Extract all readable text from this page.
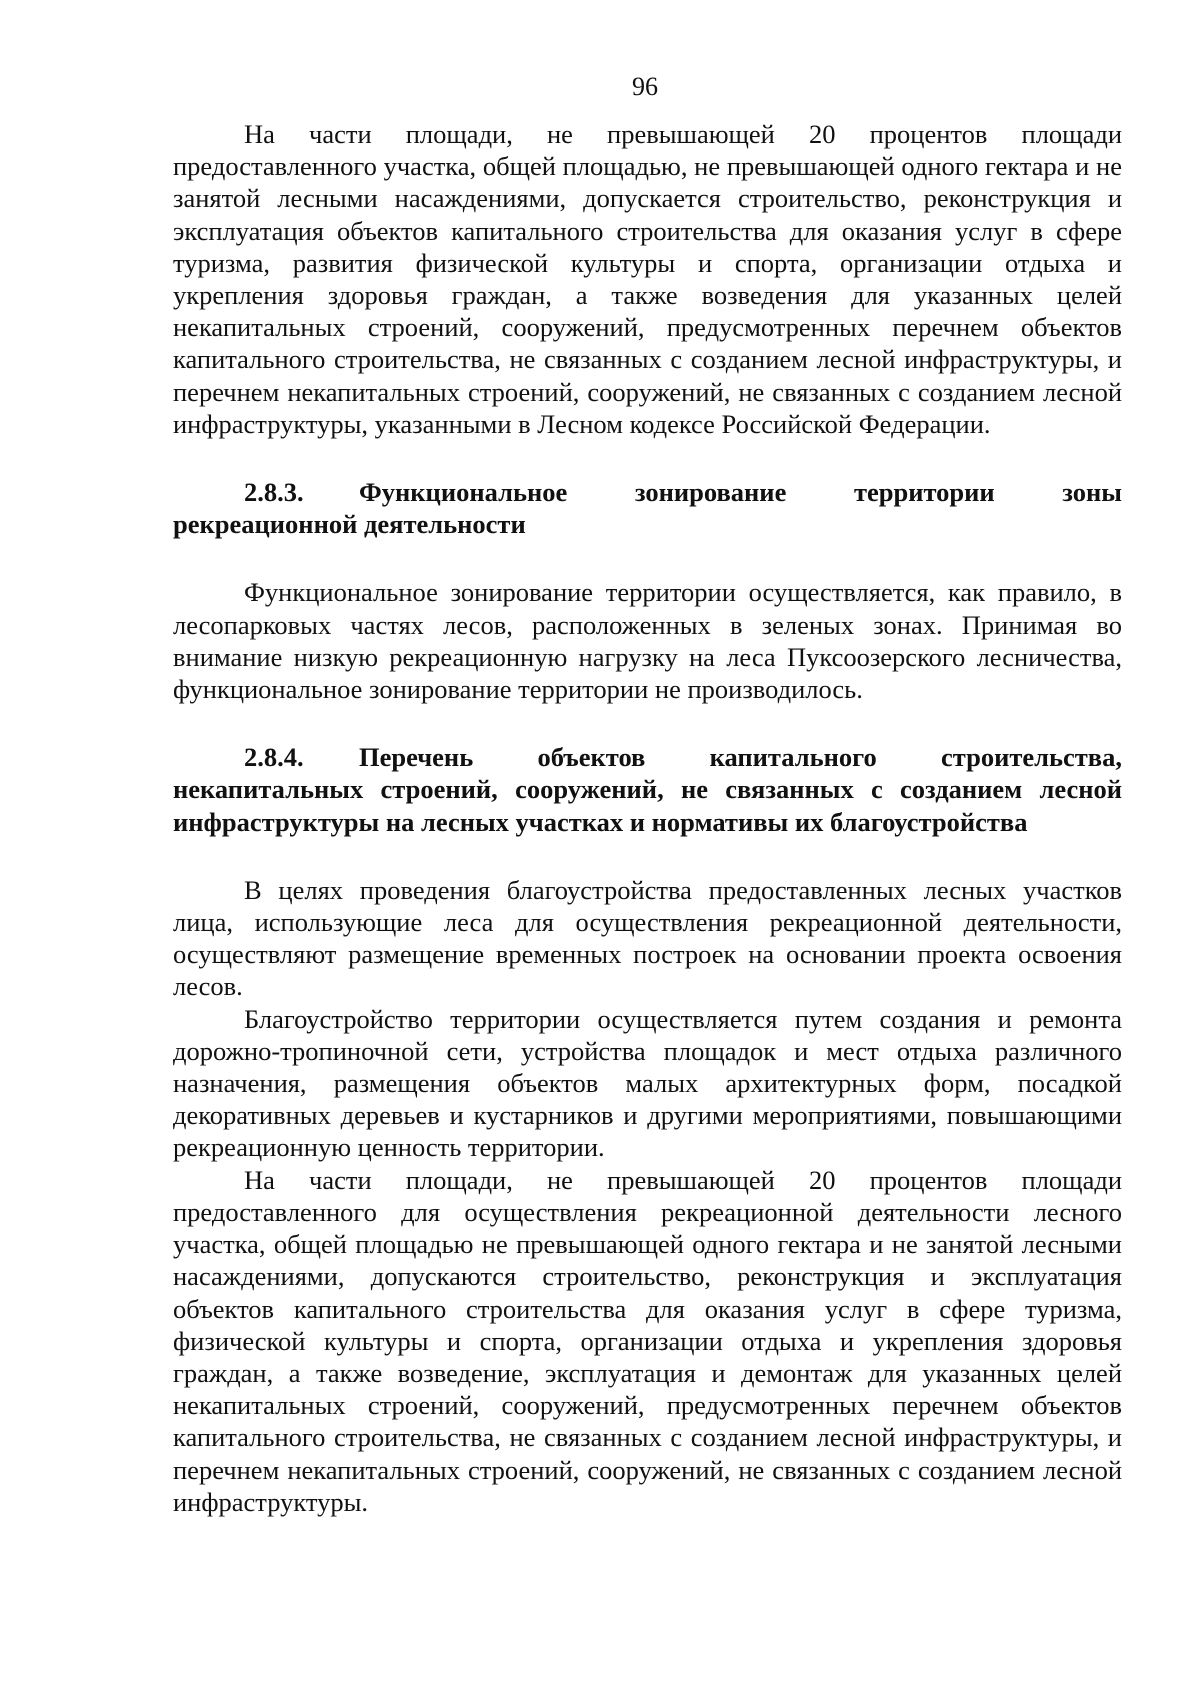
96

На части площади, не превышающей 20 процентов площади предоставленного участка, общей площадью, не превышающей одного гектара и не занятой лесными насаждениями, допускается строительство, реконструкция и эксплуатация объектов капитального строительства для оказания услуг в сфере туризма, развития физической культуры и спорта, организации отдыха и укрепления здоровья граждан, а также возведения для указанных целей некапитальных строений, сооружений, предусмотренных перечнем объектов капитального строительства, не связанных с созданием лесной инфраструктуры, и перечнем некапитальных строений, сооружений, не связанных с созданием лесной инфраструктуры, указанными в Лесном кодексе Российской Федерации.

2.8.3. Функциональное зонирование территории зоны рекреационной деятельности

Функциональное зонирование территории осуществляется, как правило, в лесопарковых частях лесов, расположенных в зеленых зонах. Принимая во внимание низкую рекреационную нагрузку на леса Пуксоозерского лесничества, функциональное зонирование территории не производилось.

2.8.4. Перечень объектов капитального строительства, некапитальных строений, сооружений, не связанных с созданием лесной инфраструктуры на лесных участках и нормативы их благоустройства

В целях проведения благоустройства предоставленных лесных участков лица, использующие леса для осуществления рекреационной деятельности, осуществляют размещение временных построек на основании проекта освоения лесов.

Благоустройство территории осуществляется путем создания и ремонта дорожно-тропиночной сети, устройства площадок и мест отдыха различного назначения, размещения объектов малых архитектурных форм, посадкой декоративных деревьев и кустарников и другими мероприятиями, повышающими рекреационную ценность территории.

На части площади, не превышающей 20 процентов площади предоставленного для осуществления рекреационной деятельности лесного участка, общей площадью не превышающей одного гектара и не занятой лесными насаждениями, допускаются строительство, реконструкция и эксплуатация объектов капитального строительства для оказания услуг в сфере туризма, физической культуры и спорта, организации отдыха и укрепления здоровья граждан, а также возведение, эксплуатация и демонтаж для указанных целей некапитальных строений, сооружений, предусмотренных перечнем объектов капитального строительства, не связанных с созданием лесной инфраструктуры, и перечнем некапитальных строений, сооружений, не связанных с созданием лесной инфраструктуры.
